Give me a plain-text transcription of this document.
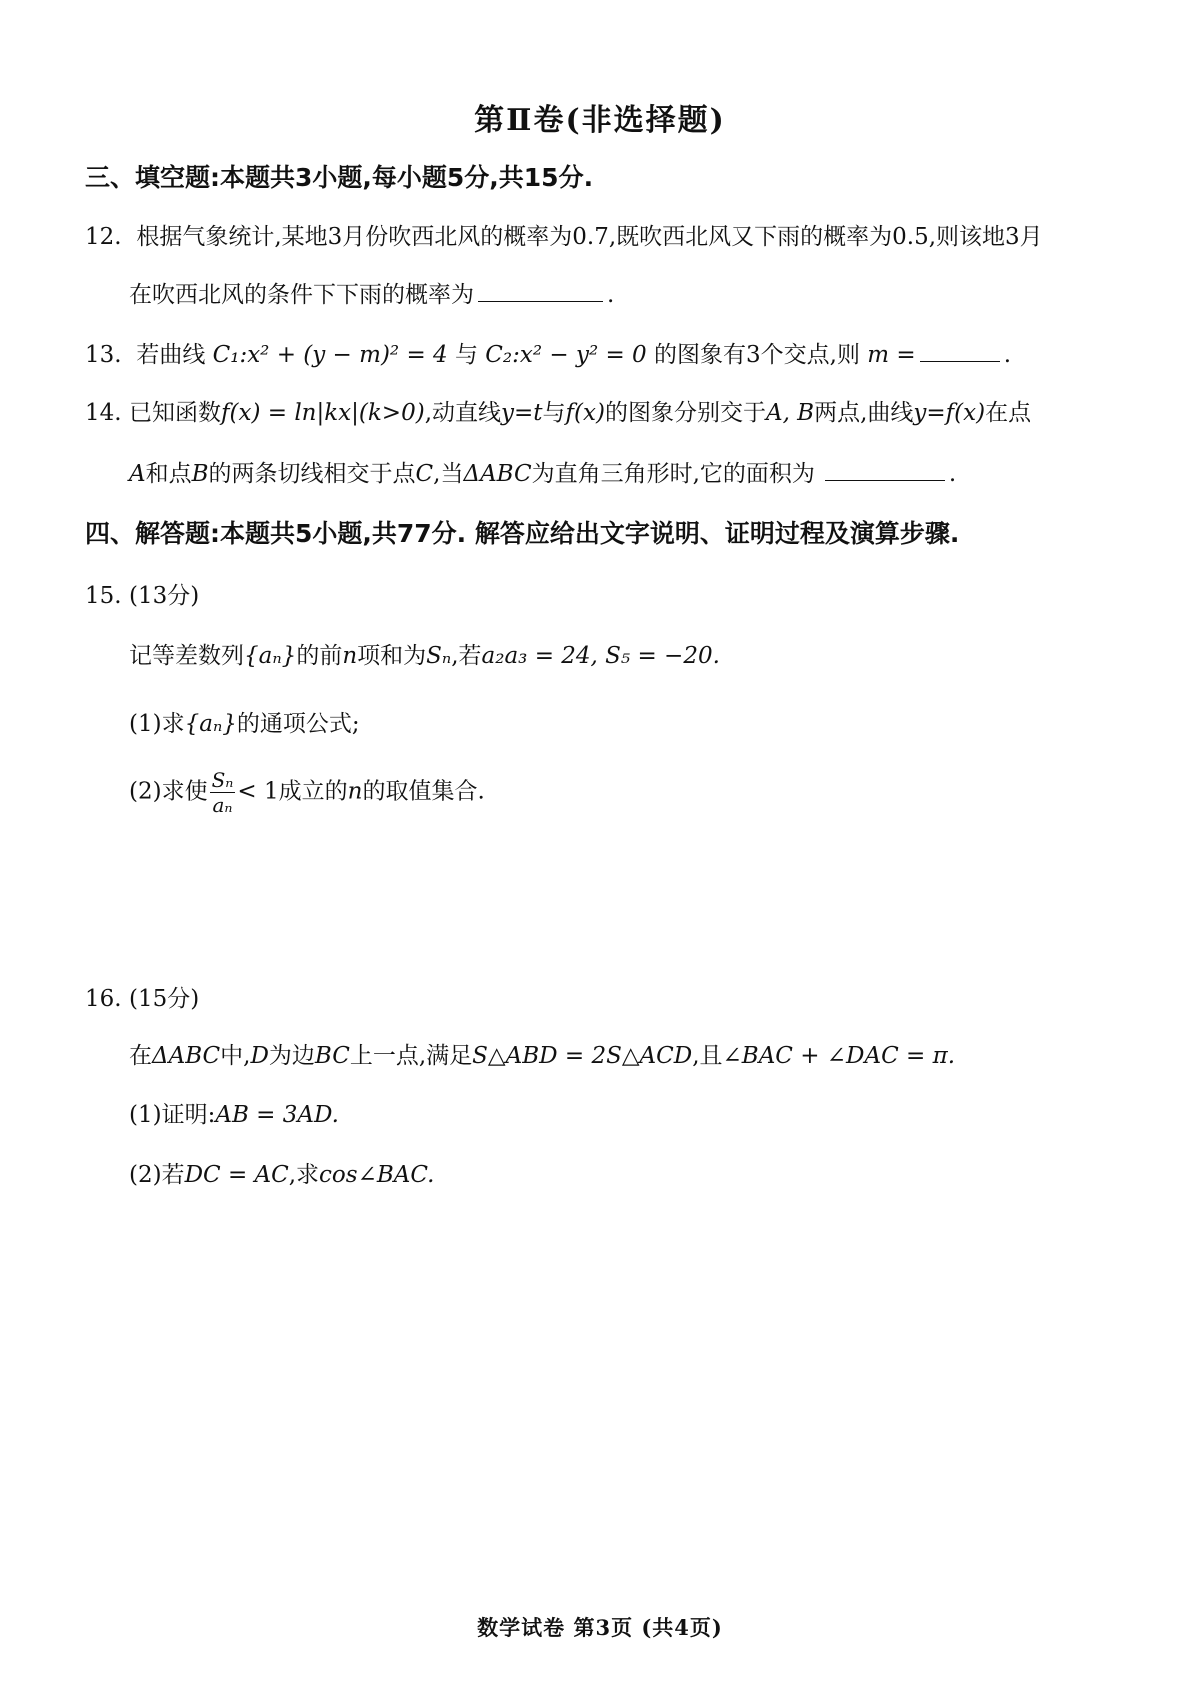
第Ⅱ卷(非选择题)
三、填空题:本题共3小题,每小题5分,共15分.
12. 根据气象统计,某地3月份吹西北风的概率为0.7,既吹西北风又下雨的概率为0.5,则该地3月
在吹西北风的条件下下雨的概率为	.
13. 若曲线 C₁:x² + (y − m)² = 4 与 C₂:x² − y² = 0 的图象有3个交点,则 m =	.
14. 已知函数f(x) = ln|kx|(k>0),动直线y=t与f(x)的图象分别交于A, B两点,曲线y=f(x)在点
A和点B的两条切线相交于点C,当ΔABC为直角三角形时,它的面积为	.
四、解答题:本题共5小题,共77分. 解答应给出文字说明、证明过程及演算步骤.
15. (13分)
记等差数列{aₙ}的前n项和为Sₙ,若a₂a₃ = 24, S₅ = −20.
(1)求{aₙ}的通项公式;
(2)求使 $\frac{\text{Sₙ}}{\text{aₙ}} < 1$成立的n的取值集合.
16. (15分)
在ΔABC中,D为边BC上一点,满足S△ABD = 2S△ACD,且∠BAC + ∠DAC = π.
(1)证明:AB = 3AD.
(2)若DC = AC,求cos∠BAC.
数学试卷 第3页 (共4页)
